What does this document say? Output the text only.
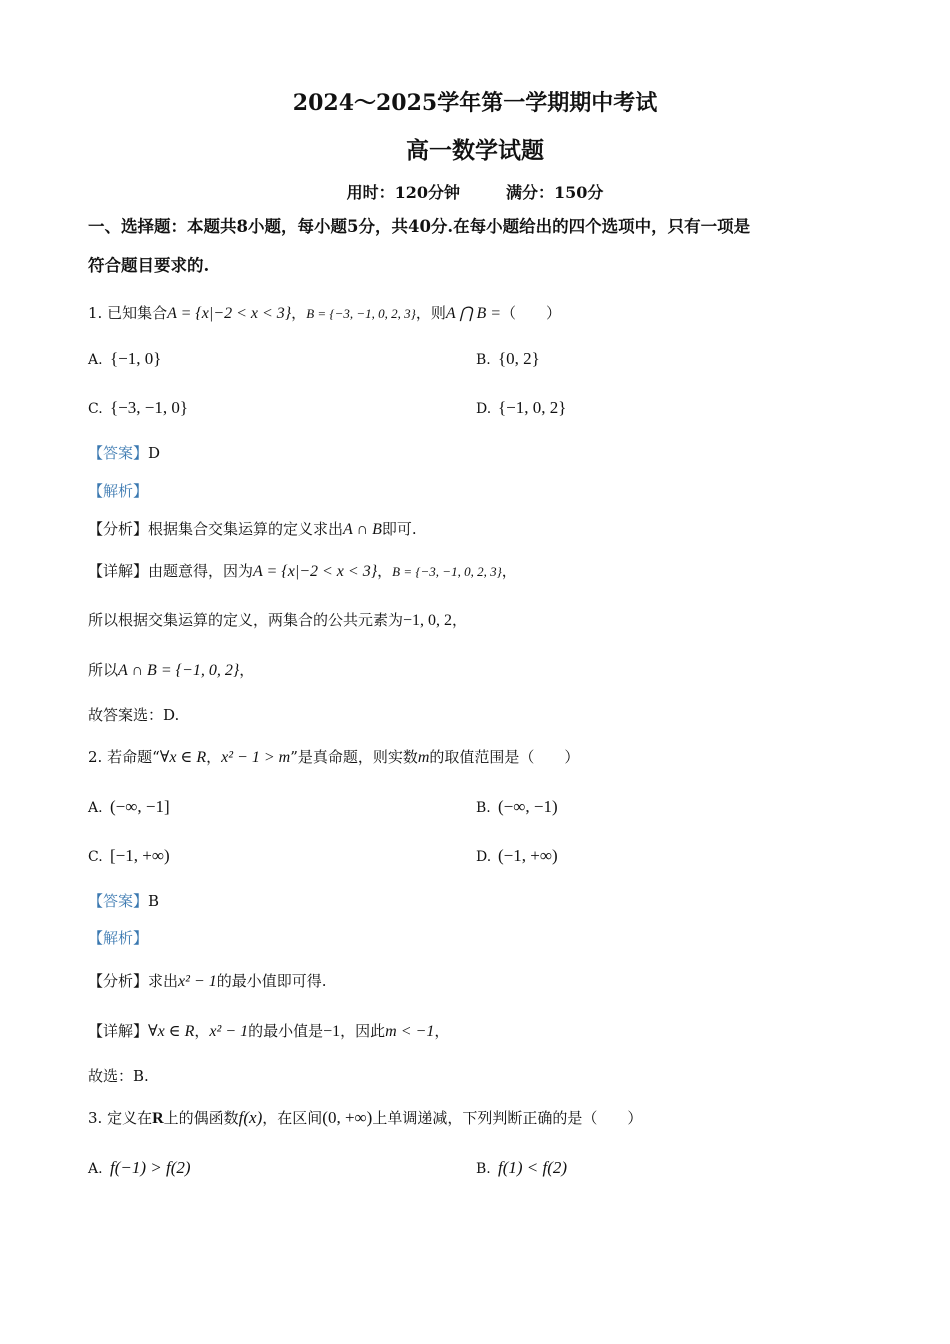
2024～2025学年第一学期期中考试
高一数学试题
用时：120分钟	满分：150分
一、选择题：本题共8小题，每小题5分，共40分.在每小题给出的四个选项中，只有一项是
符合题目要求的.
1. 已知集合A = {x|−2 < x < 3}，B = {−3, −1, 0, 2, 3}，则A ⋂ B =（　　）
A. {−1, 0}	B. {0, 2}
C. {−3, −1, 0}	D. {−1, 0, 2}
【答案】D
【解析】
【分析】根据集合交集运算的定义求出A ∩ B即可.
【详解】由题意得，因为A = {x|−2 < x < 3}，B = {−3, −1, 0, 2, 3}，
所以根据交集运算的定义，两集合的公共元素为−1, 0, 2，
所以A ∩ B = {−1, 0, 2}，
故答案选：D.
2. 若命题“∀x ∈ R，x² − 1 > m”是真命题，则实数m的取值范围是（　　）
A. (−∞, −1]	B. (−∞, −1)
C. [−1, +∞)	D. (−1, +∞)
【答案】B
【解析】
【分析】求出x² − 1的最小值即可得.
【详解】∀x ∈ R，x² − 1的最小值是−1，因此m < −1，
故选：B.
3. 定义在R上的偶函数f(x)，在区间(0, +∞)上单调递减，下列判断正确的是（　　）
A. f(−1) > f(2)	B. f(1) < f(2)
